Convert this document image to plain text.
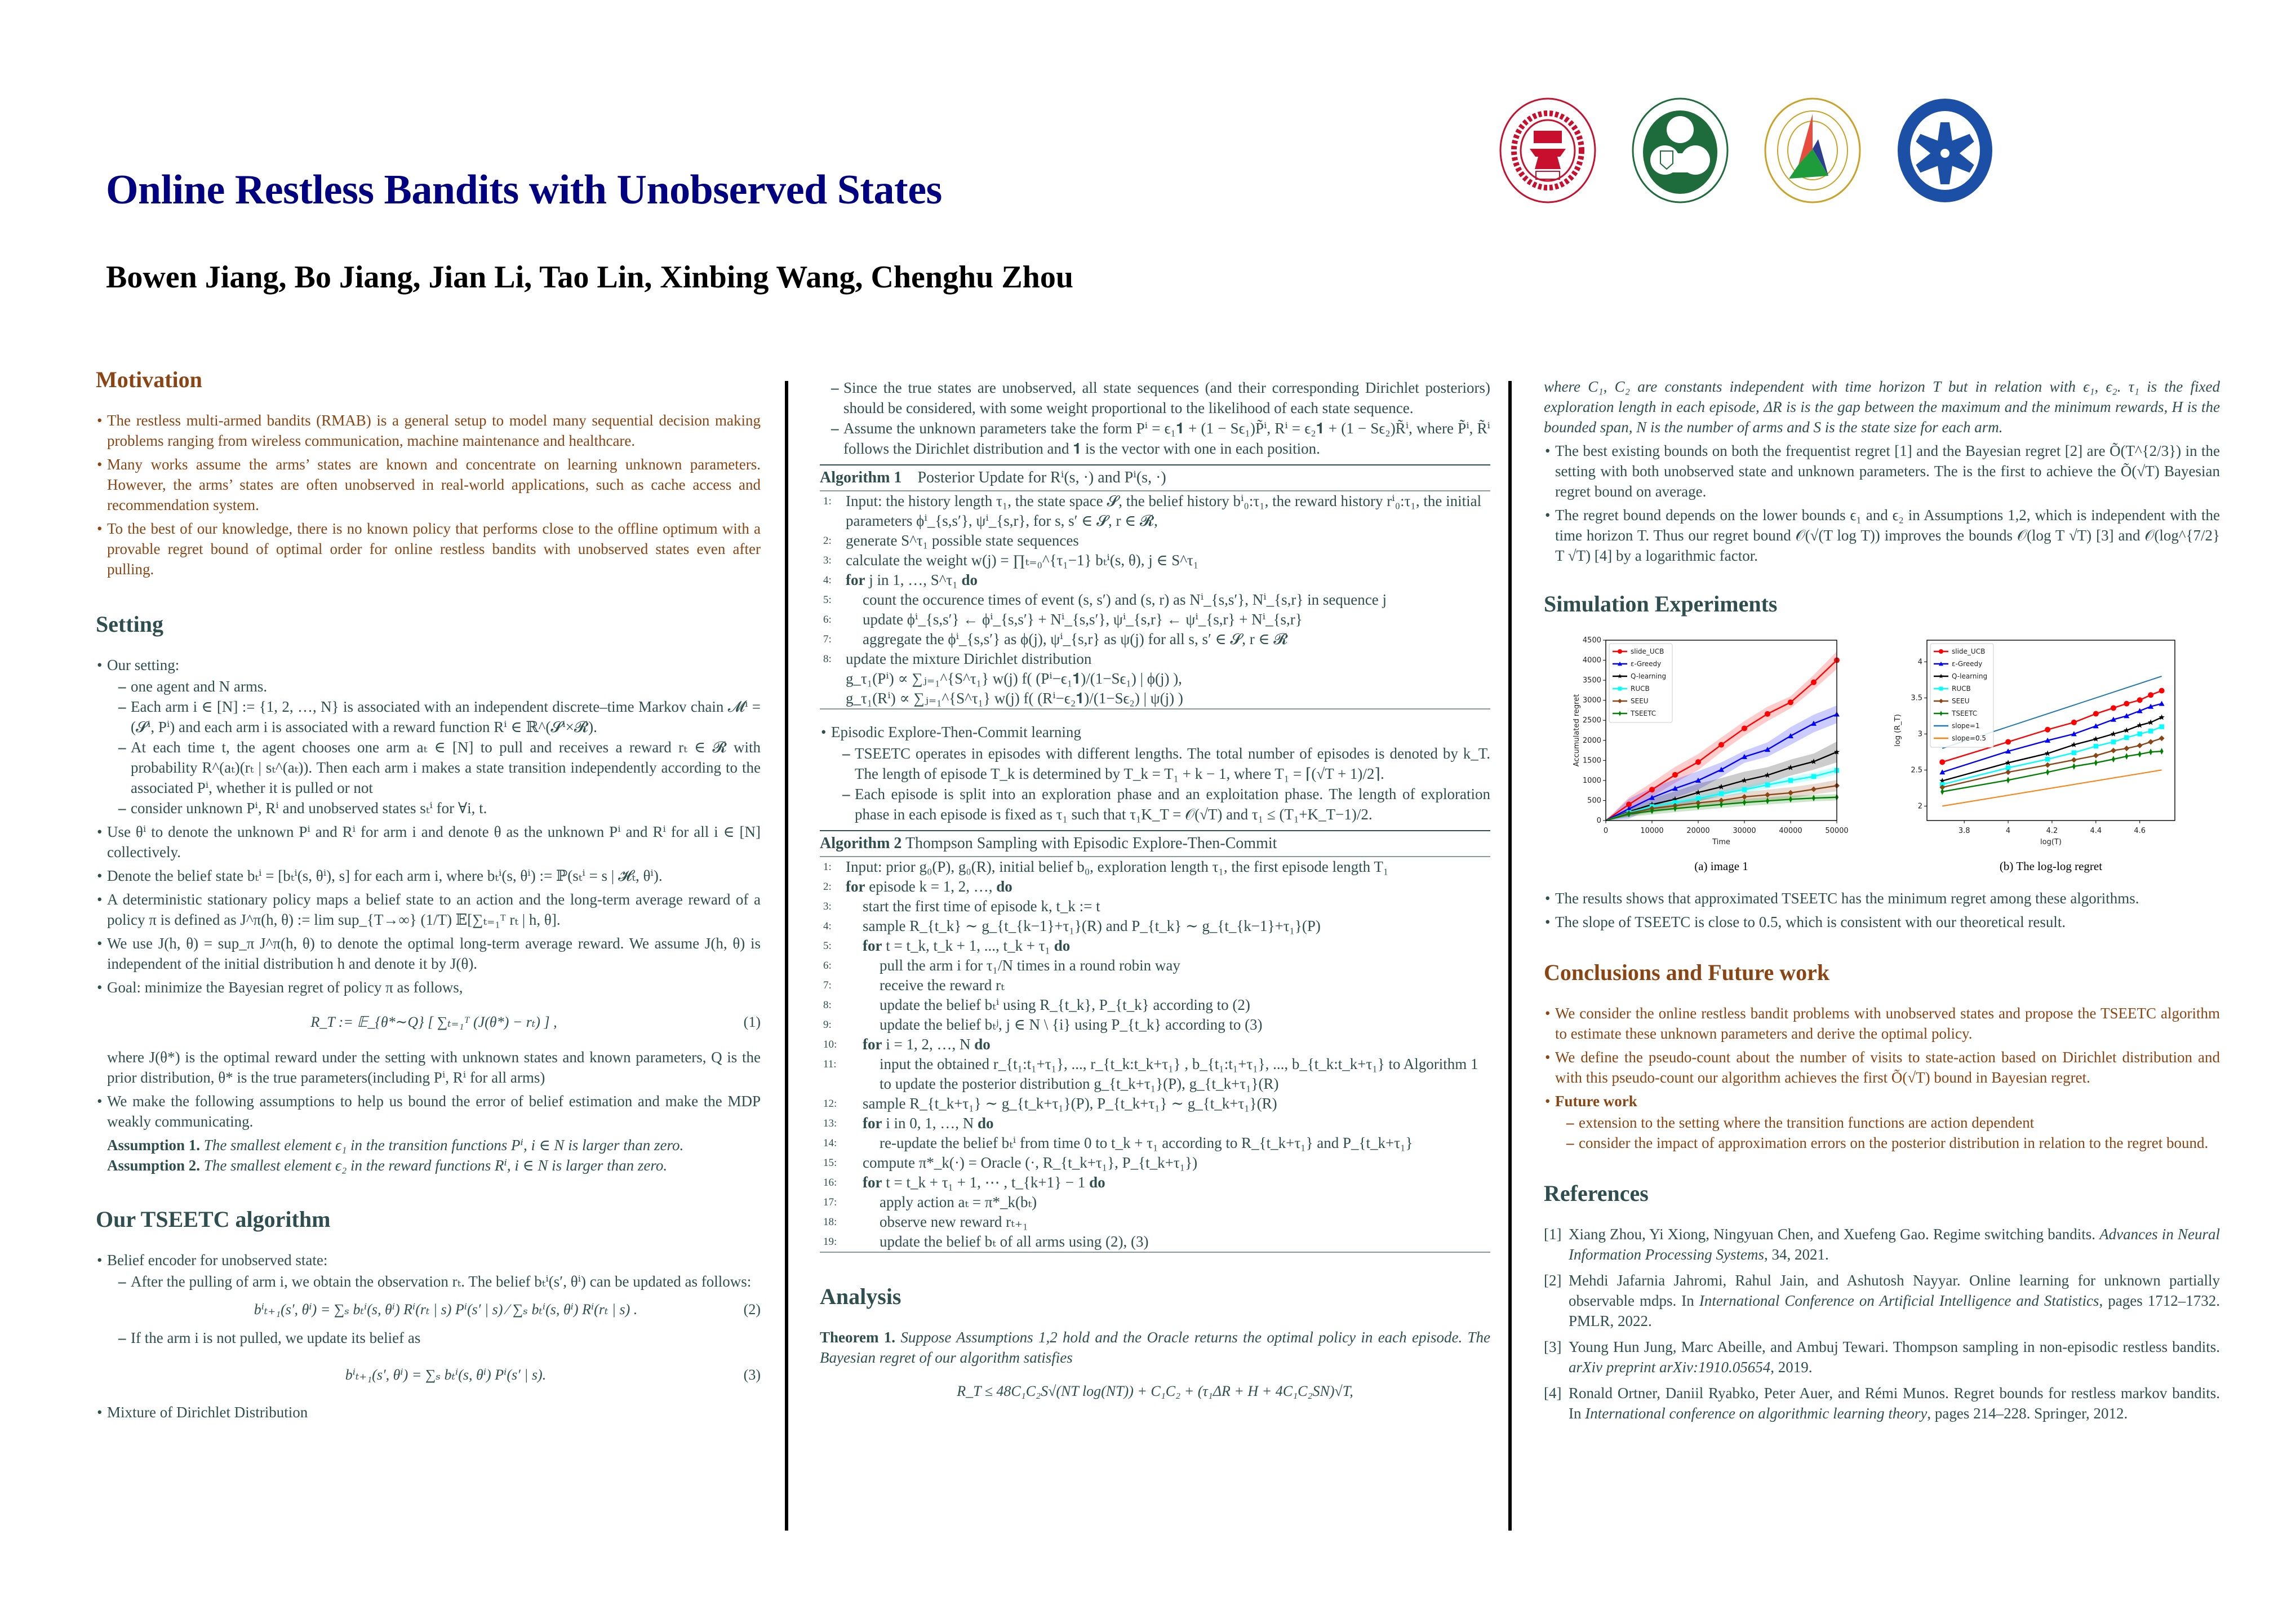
Online Restless Bandits with Unobserved States
Bowen Jiang, Bo Jiang, Jian Li, Tao Lin, Xinbing Wang, Chenghu Zhou
Motivation
• The restless multi-armed bandits (RMAB) is a general setup to model many sequential decision making problems ranging from wireless communication, machine maintenance and healthcare.
• Many works assume the arms’ states are known and concentrate on learning unknown parameters. However, the arms’ states are often unobserved in real-world applications, such as cache access and recommendation system.
• To the best of our knowledge, there is no known policy that performs close to the offline optimum with a provable regret bound of optimal order for online restless bandits with unobserved states even after pulling.
Setting
• Our setting:
– one agent and N arms.
– Each arm i ∈ [N] := {1, 2, …, N} is associated with an independent discrete–time Markov chain 𝓜ⁱ = (𝓢ⁱ, Pⁱ) and each arm i is associated with a reward function Rⁱ ∈ ℝ^(𝓢ⁱ×𝓡).
– At each time t, the agent chooses one arm aₜ ∈ [N] to pull and receives a reward rₜ ∈ 𝓡 with probability R^(aₜ)(rₜ | sₜ^(aₜ)). Then each arm i makes a state transition independently according to the associated Pⁱ, whether it is pulled or not
– consider unknown Pⁱ, Rⁱ and unobserved states sₜⁱ for ∀i, t.
• Use θⁱ to denote the unknown Pⁱ and Rⁱ for arm i and denote θ as the unknown Pⁱ and Rⁱ for all i ∈ [N] collectively.
• Denote the belief state bₜⁱ = [bₜⁱ(s, θⁱ), s] for each arm i, where bₜⁱ(s, θⁱ) := ℙ(sₜⁱ = s | 𝓗ₜ, θⁱ).
• A deterministic stationary policy maps a belief state to an action and the long-term average reward of a policy π is defined as J^π(h, θ) := lim sup_{T→∞} (1/T) 𝔼[∑ₜ₌₁ᵀ rₜ | h, θ].
• We use J(h, θ) = sup_π J^π(h, θ) to denote the optimal long-term average reward. We assume J(h, θ) is independent of the initial distribution h and denote it by J(θ).
• Goal: minimize the Bayesian regret of policy π as follows,
R_T := 𝔼_{θ*∼Q} [ ∑ₜ₌₁ᵀ (J(θ*) − rₜ) ] ,	(1)
where J(θ*) is the optimal reward under the setting with unknown states and known parameters, Q is the prior distribution, θ* is the true parameters(including Pⁱ, Rⁱ for all arms)
• We make the following assumptions to help us bound the error of belief estimation and make the MDP weakly communicating.
Assumption 1. The smallest element ϵ₁ in the transition functions Pⁱ, i ∈ N is larger than zero.
Assumption 2. The smallest element ϵ₂ in the reward functions Rⁱ, i ∈ N is larger than zero.
Our TSEETC algorithm
• Belief encoder for unobserved state:
– After the pulling of arm i, we obtain the observation rₜ. The belief bₜⁱ(s′, θⁱ) can be updated as follows:
bⁱₜ₊₁(s′, θⁱ) = ∑ₛ bₜⁱ(s, θⁱ) Rⁱ(rₜ | s) Pⁱ(s′ | s) ⁄ ∑ₛ bₜⁱ(s, θⁱ) Rⁱ(rₜ | s) .	(2)
– If the arm i is not pulled, we update its belief as
bⁱₜ₊₁(s′, θⁱ) = ∑ₛ bₜⁱ(s, θⁱ) Pⁱ(s′ | s).	(3)
• Mixture of Dirichlet Distribution
– Since the true states are unobserved, all state sequences (and their corresponding Dirichlet posteriors) should be considered, with some weight proportional to the likelihood of each state sequence.
– Assume the unknown parameters take the form Pⁱ = ϵ₁𝟏 + (1 − Sϵ₁)P̃ⁱ, Rⁱ = ϵ₂𝟏 + (1 − Sϵ₂)R̃ⁱ, where P̃ⁱ, R̃ⁱ follows the Dirichlet distribution and 𝟏 is the vector with one in each position.
Algorithm 1 Posterior Update for Rⁱ(s, ·) and Pⁱ(s, ·)
1: Input: the history length τ₁, the state space 𝓢, the belief history bⁱ₀:τ₁, the reward history rⁱ₀:τ₁, the initial parameters ϕⁱ_{s,s′}, ψⁱ_{s,r}, for s, s′ ∈ 𝓢, r ∈ 𝓡,
2: generate S^τ₁ possible state sequences
3: calculate the weight w(j) = ∏ₜ₌₀^{τ₁−1} bₜⁱ(s, θ), j ∈ S^τ₁
4: for j in 1, …, S^τ₁ do
5: count the occurence times of event (s, s′) and (s, r) as Nⁱ_{s,s′}, Nⁱ_{s,r} in sequence j
6: update ϕⁱ_{s,s′} ← ϕⁱ_{s,s′} + Nⁱ_{s,s′}, ψⁱ_{s,r} ← ψⁱ_{s,r} + Nⁱ_{s,r}
7: aggregate the ϕⁱ_{s,s′} as ϕ(j), ψⁱ_{s,r} as ψ(j) for all s, s′ ∈ 𝓢, r ∈ 𝓡
8: update the mixture Dirichlet distribution
g_τ₁(Pⁱ) ∝ ∑ⱼ₌₁^{S^τ₁} w(j) f( (Pⁱ−ϵ₁𝟏)/(1−Sϵ₁) | ϕ(j) ),
g_τ₁(Rⁱ) ∝ ∑ⱼ₌₁^{S^τ₁} w(j) f( (Rⁱ−ϵ₂𝟏)/(1−Sϵ₂) | ψ(j) )
• Episodic Explore-Then-Commit learning
– TSEETC operates in episodes with different lengths. The total number of episodes is denoted by k_T. The length of episode T_k is determined by T_k = T₁ + k − 1, where T₁ = ⌈(√T + 1)/2⌉.
– Each episode is split into an exploration phase and an exploitation phase. The length of exploration phase in each episode is fixed as τ₁ such that τ₁K_T = 𝒪(√T) and τ₁ ≤ (T₁+K_T−1)/2.
Algorithm 2 Thompson Sampling with Episodic Explore-Then-Commit
1: Input: prior g₀(P), g₀(R), initial belief b₀, exploration length τ₁, the first episode length T₁
2: for episode k = 1, 2, …, do
3: start the first time of episode k, t_k := t
4: sample R_{t_k} ∼ g_{t_{k−1}+τ₁}(R) and P_{t_k} ∼ g_{t_{k−1}+τ₁}(P)
5: for t = t_k, t_k + 1, ..., t_k + τ₁ do
6:	pull the arm i for τ₁/N times in a round robin way
7:	receive the reward rₜ
8:	update the belief bₜⁱ using R_{t_k}, P_{t_k} according to (2)
9:	update the belief bₜʲ, j ∈ N \ {i} using P_{t_k} according to (3)
10: for i = 1, 2, …, N do
11:	input the obtained r_{t₁:t₁+τ₁}, ..., r_{t_k:t_k+τ₁} , b_{t₁:t₁+τ₁}, ..., b_{t_k:t_k+τ₁} to Algorithm 1 to update the posterior distribution g_{t_k+τ₁}(P), g_{t_k+τ₁}(R)
12: sample R_{t_k+τ₁} ∼ g_{t_k+τ₁}(P), P_{t_k+τ₁} ∼ g_{t_k+τ₁}(R)
13: for i in 0, 1, …, N do
14:	re-update the belief bₜⁱ from time 0 to t_k + τ₁ according to R_{t_k+τ₁} and P_{t_k+τ₁}
15: compute π*_k(·) = Oracle (·, R_{t_k+τ₁}, P_{t_k+τ₁})
16: for t = t_k + τ₁ + 1, ⋯ , t_{k+1} − 1 do
17:	apply action aₜ = π*_k(bₜ)
18:	observe new reward rₜ₊₁
19:	update the belief bₜ of all arms using (2), (3)
Analysis
Theorem 1. Suppose Assumptions 1,2 hold and the Oracle returns the optimal policy in each episode. The Bayesian regret of our algorithm satisfies
R_T ≤ 48C₁C₂S√(NT log(NT)) + C₁C₂ + (τ₁ΔR + H + 4C₁C₂SN)√T,
where C₁, C₂ are constants independent with time horizon T but in relation with ϵ₁, ϵ₂. τ₁ is the fixed exploration length in each episode, ΔR is is the gap between the maximum and the minimum rewards, H is the bounded span, N is the number of arms and S is the state size for each arm.
• The best existing bounds on both the frequentist regret [1] and the Bayesian regret [2] are Õ(T^{2/3}) in the setting with both unobserved state and unknown parameters. The is the first to achieve the Õ(√T) Bayesian regret bound on average.
• The regret bound depends on the lower bounds ϵ₁ and ϵ₂ in Assumptions 1,2, which is independent with the time horizon T. Thus our regret bound 𝒪(√(T log T)) improves the bounds 𝒪(log T √T) [3] and 𝒪(log^{7/2} T √T) [4] by a logarithmic factor.
Simulation Experiments
0	10000	20000	30000	40000	50000
0
500
1000
1500
2000
2500
3000
3500
4000
4500
Time
Accumulated regret
(a) image 1
slide_UCB
ε-Greedy
Q-learning
RUCB
SEEU
TSEETC
3.8	4	4.2	4.4	4.6
2
2.5
3
3.5
4
log(T)
log (R_T)
(b) The log-log regret
slide_UCB
ε-Greedy
Q-learning
RUCB
SEEU
TSEETC
slope=1
slope=0.5
• The results shows that approximated TSEETC has the minimum regret among these algorithms.
• The slope of TSEETC is close to 0.5, which is consistent with our theoretical result.
Conclusions and Future work
• We consider the online restless bandit problems with unobserved states and propose the TSEETC algorithm to estimate these unknown parameters and derive the optimal policy.
• We define the pseudo-count about the number of visits to state-action based on Dirichlet distribution and with this pseudo-count our algorithm achieves the first Õ(√T) bound in Bayesian regret.
• Future work
– extension to the setting where the transition functions are action dependent
– consider the impact of approximation errors on the posterior distribution in relation to the regret bound.
References
[1] Xiang Zhou, Yi Xiong, Ningyuan Chen, and Xuefeng Gao. Regime switching bandits. Advances in Neural Information Processing Systems, 34, 2021.
[2] Mehdi Jafarnia Jahromi, Rahul Jain, and Ashutosh Nayyar. Online learning for unknown partially observable mdps. In International Conference on Artificial Intelligence and Statistics, pages 1712–1732. PMLR, 2022.
[3] Young Hun Jung, Marc Abeille, and Ambuj Tewari. Thompson sampling in non-episodic restless bandits. arXiv preprint arXiv:1910.05654, 2019.
[4] Ronald Ortner, Daniil Ryabko, Peter Auer, and Rémi Munos. Regret bounds for restless markov bandits. In International conference on algorithmic learning theory, pages 214–228. Springer, 2012.
